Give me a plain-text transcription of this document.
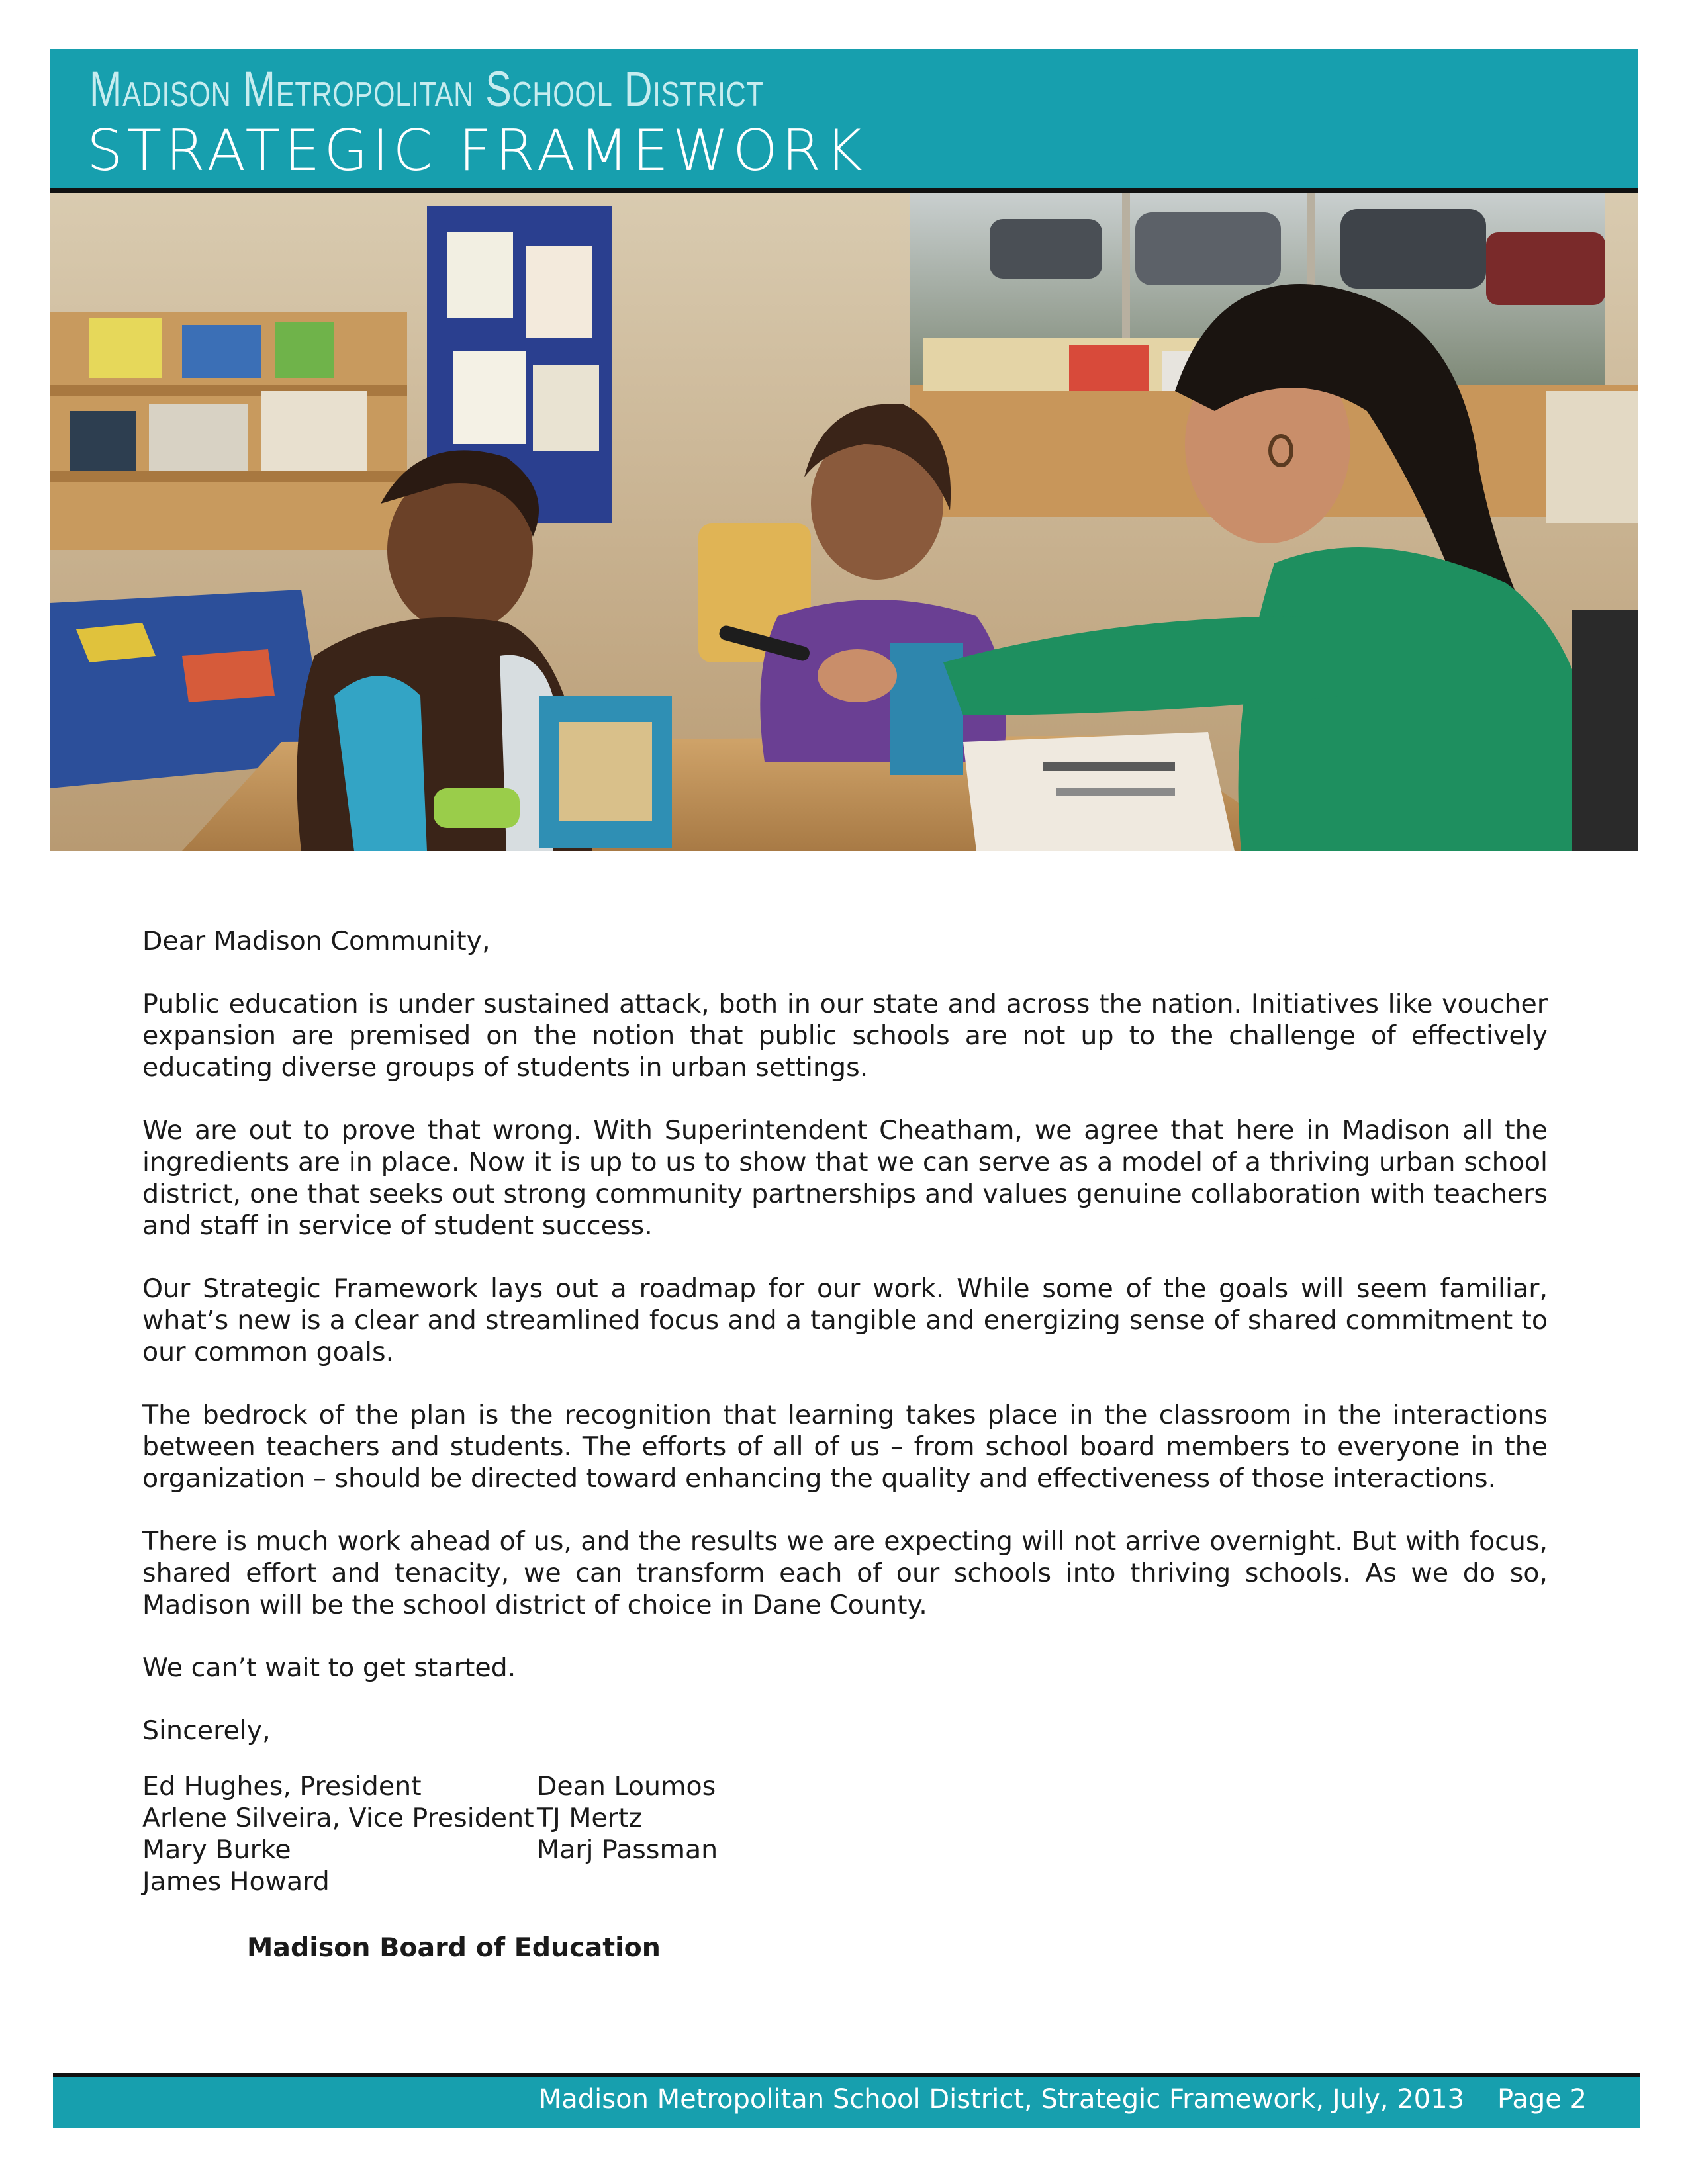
Madison Metropolitan School District
STRATEGIC FRAMEWORK

Dear Madison Community,

Public education is under sustained attack, both in our state and across the nation. Initiatives like voucher expansion are premised on the notion that public schools are not up to the challenge of effectively educating diverse groups of students in urban settings.

We are out to prove that wrong. With Superintendent Cheatham, we agree that here in Madison all the ingredients are in place. Now it is up to us to show that we can serve as a model of a thriving urban school district, one that seeks out strong community partnerships and values genuine collaboration with teachers and staff in service of student success.

Our Strategic Framework lays out a roadmap for our work. While some of the goals will seem familiar, what’s new is a clear and streamlined focus and a tangible and energizing sense of shared commitment to our common goals.

The bedrock of the plan is the recognition that learning takes place in the classroom in the interactions between teachers and students. The efforts of all of us – from school board members to everyone in the organization – should be directed toward enhancing the quality and effectiveness of those interactions.

There is much work ahead of us, and the results we are expecting will not arrive overnight. But with focus, shared effort and tenacity, we can transform each of our schools into thriving schools. As we do so, Madison will be the school district of choice in Dane County.

We can’t wait to get started.

Sincerely,

Ed Hughes, President
Arlene Silveira, Vice President
Mary Burke
James Howard
Dean Loumos
TJ Mertz
Marj Passman
Madison Board of Education
Madison Metropolitan School District, Strategic Framework, July, 2013 Page 2
